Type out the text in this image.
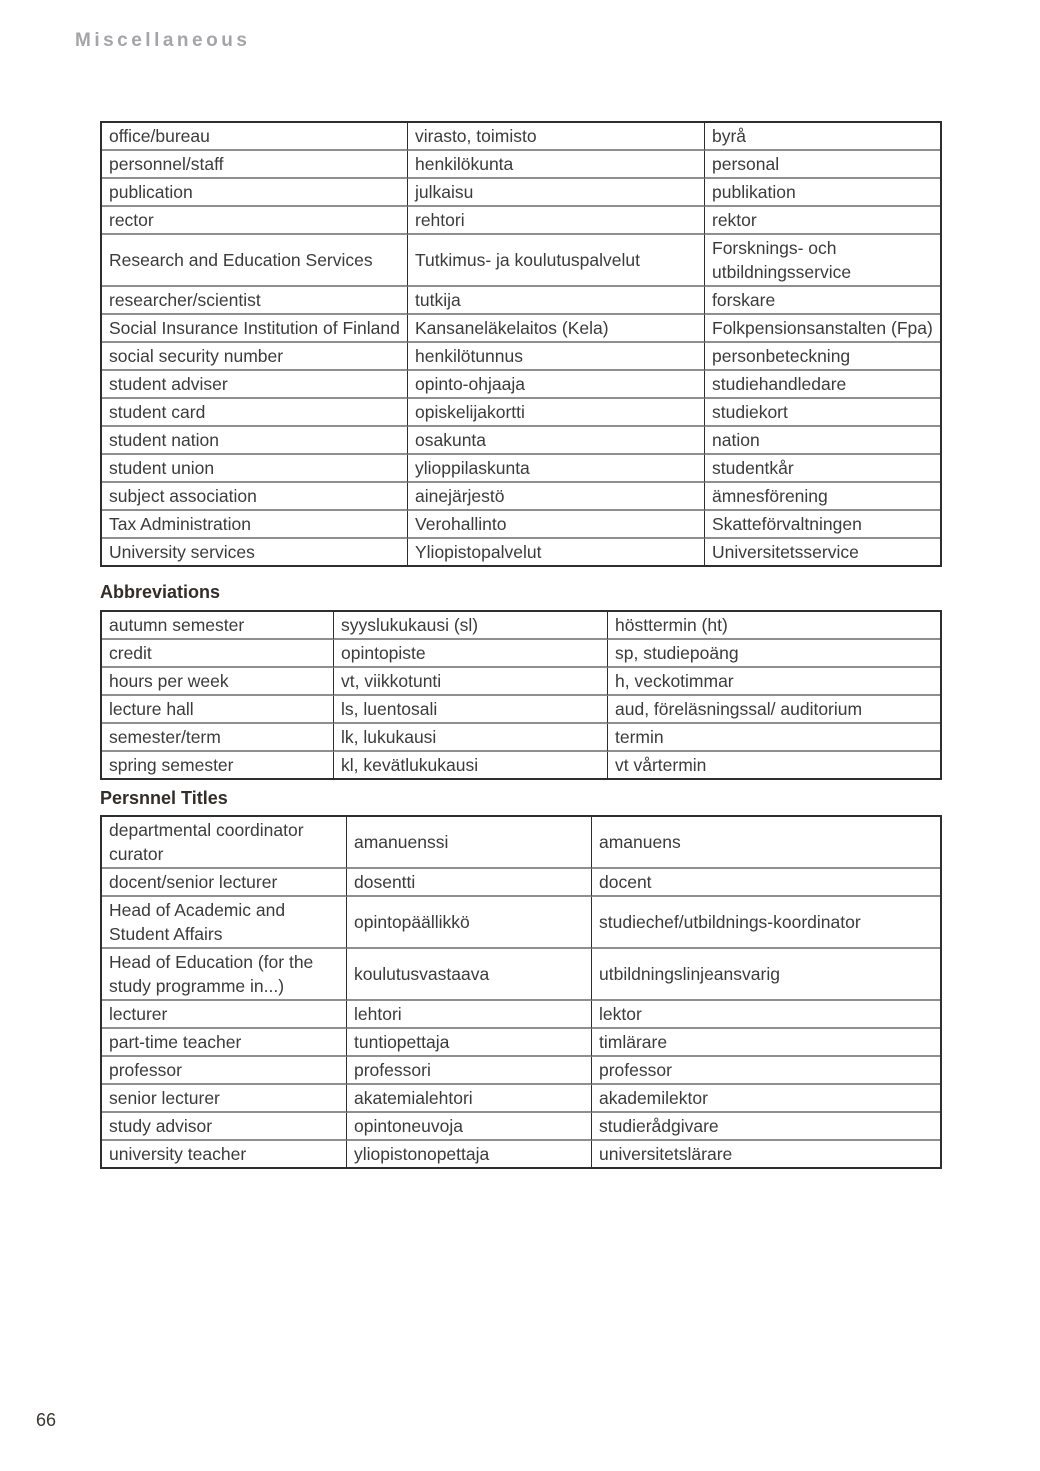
Miscellaneous
office/bureau	virasto, toimisto	byrå
personnel/staff	henkilökunta	personal
publication	julkaisu	publikation
rector	rehtori	rektor
Research and Education Services	Tutkimus- ja koulutuspalvelut	Forsknings- och utbildningsservice
researcher/scientist	tutkija	forskare
Social Insurance Institution of Finland	Kansaneläkelaitos (Kela)	Folkpensionsanstalten (Fpa)
social security number	henkilötunnus	personbeteckning
student adviser	opinto-ohjaaja	studiehandledare
student card	opiskelijakortti	studiekort
student nation	osakunta	nation
student union	ylioppilaskunta	studentkår
subject association	ainejärjestö	ämnesförening
Tax Administration	Verohallinto	Skatteförvaltningen
University services	Yliopistopalvelut	Universitetsservice
Abbreviations
autumn semester	syyslukukausi (sl)	hösttermin (ht)
credit	opintopiste	sp, studiepoäng
hours per week	vt, viikkotunti	h, veckotimmar
lecture hall	ls, luentosali	aud, föreläsningssal/ auditorium
semester/term	lk, lukukausi	termin
spring semester	kl, kevätlukukausi	vt vårtermin
Persnnel Titles
departmental coordinator curator	amanuenssi	amanuens
docent/senior lecturer	dosentti	docent
Head of Academic and Student Affairs	opintopäällikkö	studiechef/utbildnings-koordinator
Head of Education (for the study programme in...)	koulutusvastaava	utbildningslinjeansvarig
lecturer	lehtori	lektor
part-time teacher	tuntiopettaja	timlärare
professor	professori	professor
senior lecturer	akatemialehtori	akademilektor
study advisor	opintoneuvoja	studierådgivare
university teacher	yliopistonopettaja	universitetslärare
66
